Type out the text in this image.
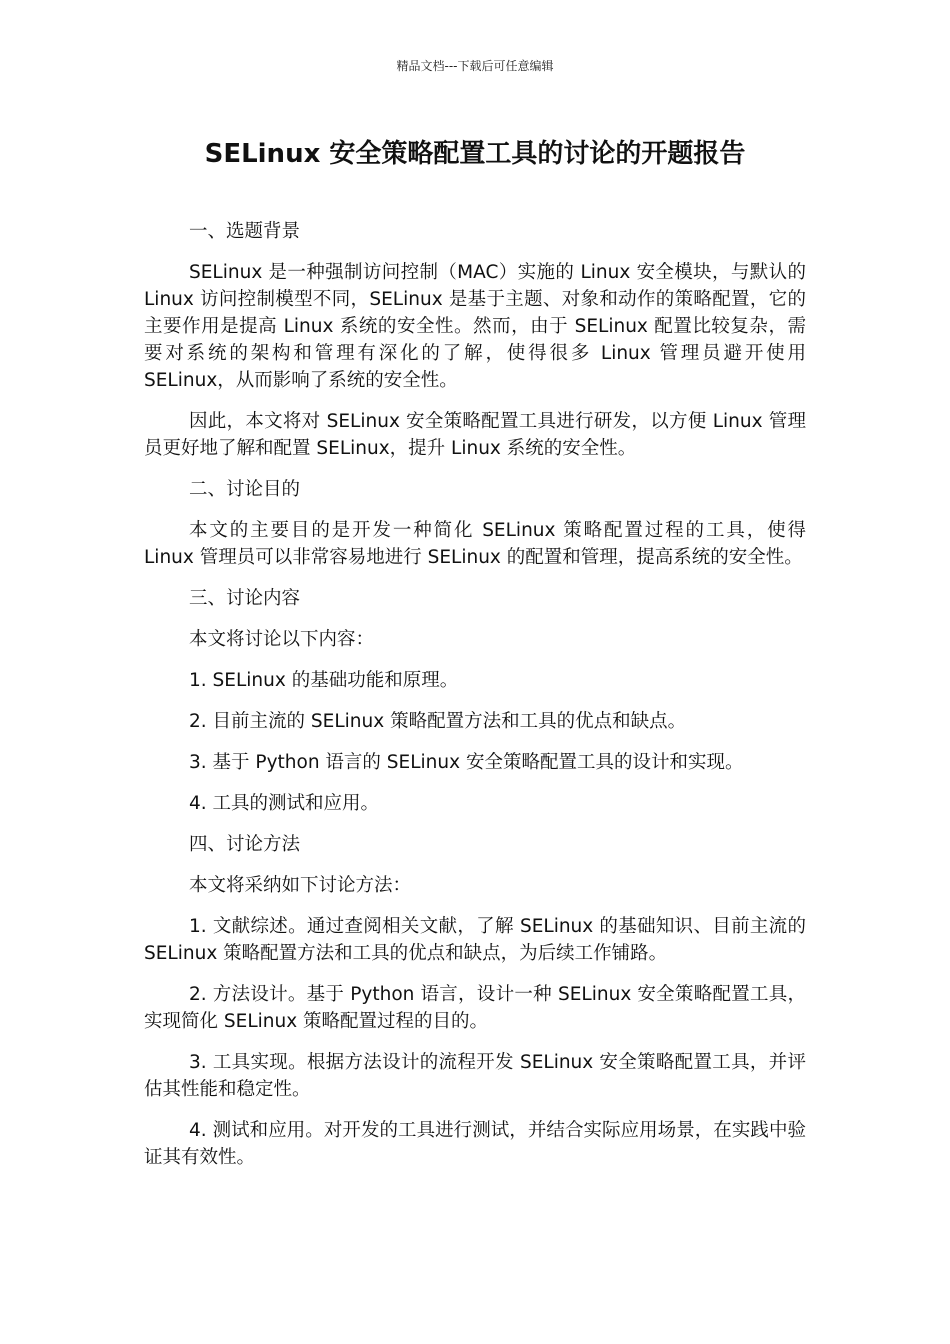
精品文档---下载后可任意编辑
SELinux 安全策略配置工具的讨论的开题报告

一、选题背景

SELinux 是一种强制访问控制（MAC）实施的 Linux 安全模块，与默认的 Linux 访问控制模型不同，SELinux 是基于主题、对象和动作的策略配置，它的主要作用是提高 Linux 系统的安全性。然而，由于 SELinux 配置比较复杂，需要对系统的架构和管理有深化的了解，使得很多 Linux 管理员避开使用 SELinux，从而影响了系统的安全性。

因此，本文将对 SELinux 安全策略配置工具进行研发，以方便 Linux 管理员更好地了解和配置 SELinux，提升 Linux 系统的安全性。

二、讨论目的

本文的主要目的是开发一种简化 SELinux 策略配置过程的工具，使得 Linux 管理员可以非常容易地进行 SELinux 的配置和管理，提高系统的安全性。

三、讨论内容

本文将讨论以下内容：

1. SELinux 的基础功能和原理。

2. 目前主流的 SELinux 策略配置方法和工具的优点和缺点。

3. 基于 Python 语言的 SELinux 安全策略配置工具的设计和实现。

4. 工具的测试和应用。

四、讨论方法

本文将采纳如下讨论方法：

1. 文献综述。通过查阅相关文献，了解 SELinux 的基础知识、目前主流的 SELinux 策略配置方法和工具的优点和缺点，为后续工作铺路。

2. 方法设计。基于 Python 语言，设计一种 SELinux 安全策略配置工具，实现简化 SELinux 策略配置过程的目的。

3. 工具实现。根据方法设计的流程开发 SELinux 安全策略配置工具，并评估其性能和稳定性。

4. 测试和应用。对开发的工具进行测试，并结合实际应用场景，在实践中验证其有效性。
